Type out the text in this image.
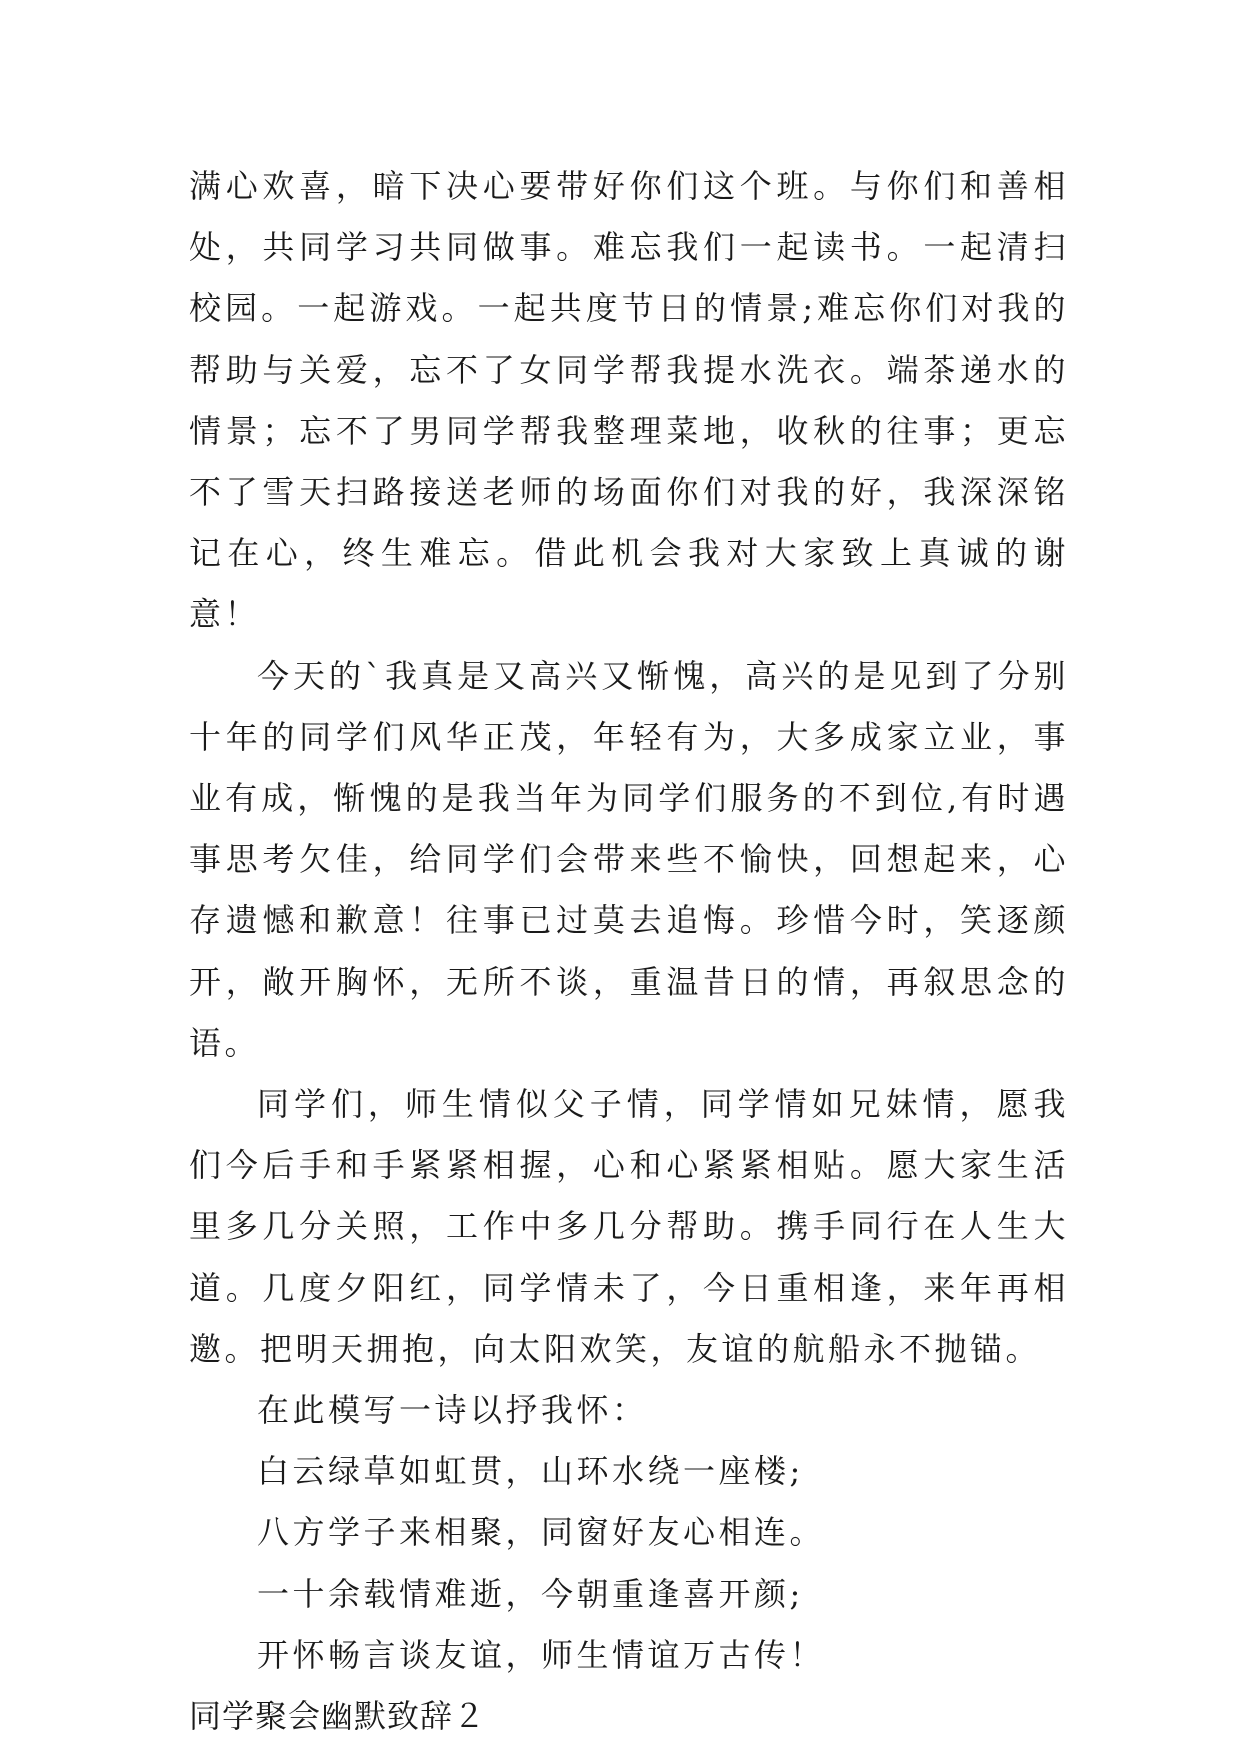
满心欢喜，暗下决心要带好你们这个班。与你们和善相处，共同学习共同做事。难忘我们一起读书。一起清扫校园。一起游戏。一起共度节日的情景;难忘你们对我的帮助与关爱，忘不了女同学帮我提水洗衣。端茶递水的情景；忘不了男同学帮我整理菜地，收秋的往事；更忘不了雪天扫路接送老师的场面你们对我的好，我深深铭记在心，终生难忘。借此机会我对大家致上真诚的谢意！

今天的`我真是又高兴又惭愧，高兴的是见到了分别十年的同学们风华正茂，年轻有为，大多成家立业，事业有成，惭愧的是我当年为同学们服务的不到位,有时遇事思考欠佳，给同学们会带来些不愉快，回想起来，心存遗憾和歉意！往事已过莫去追悔。珍惜今时，笑逐颜开，敞开胸怀，无所不谈，重温昔日的情，再叙思念的语。

同学们，师生情似父子情，同学情如兄妹情，愿我们今后手和手紧紧相握，心和心紧紧相贴。愿大家生活里多几分关照，工作中多几分帮助。携手同行在人生大道。几度夕阳红，同学情未了，今日重相逢，来年再相邀。把明天拥抱，向太阳欢笑，友谊的航船永不抛锚。

在此模写一诗以抒我怀：

白云绿草如虹贯，山环水绕一座楼;

八方学子来相聚，同窗好友心相连。

一十余载情难逝，今朝重逢喜开颜;

开怀畅言谈友谊，师生情谊万古传！

同学聚会幽默致辞２
